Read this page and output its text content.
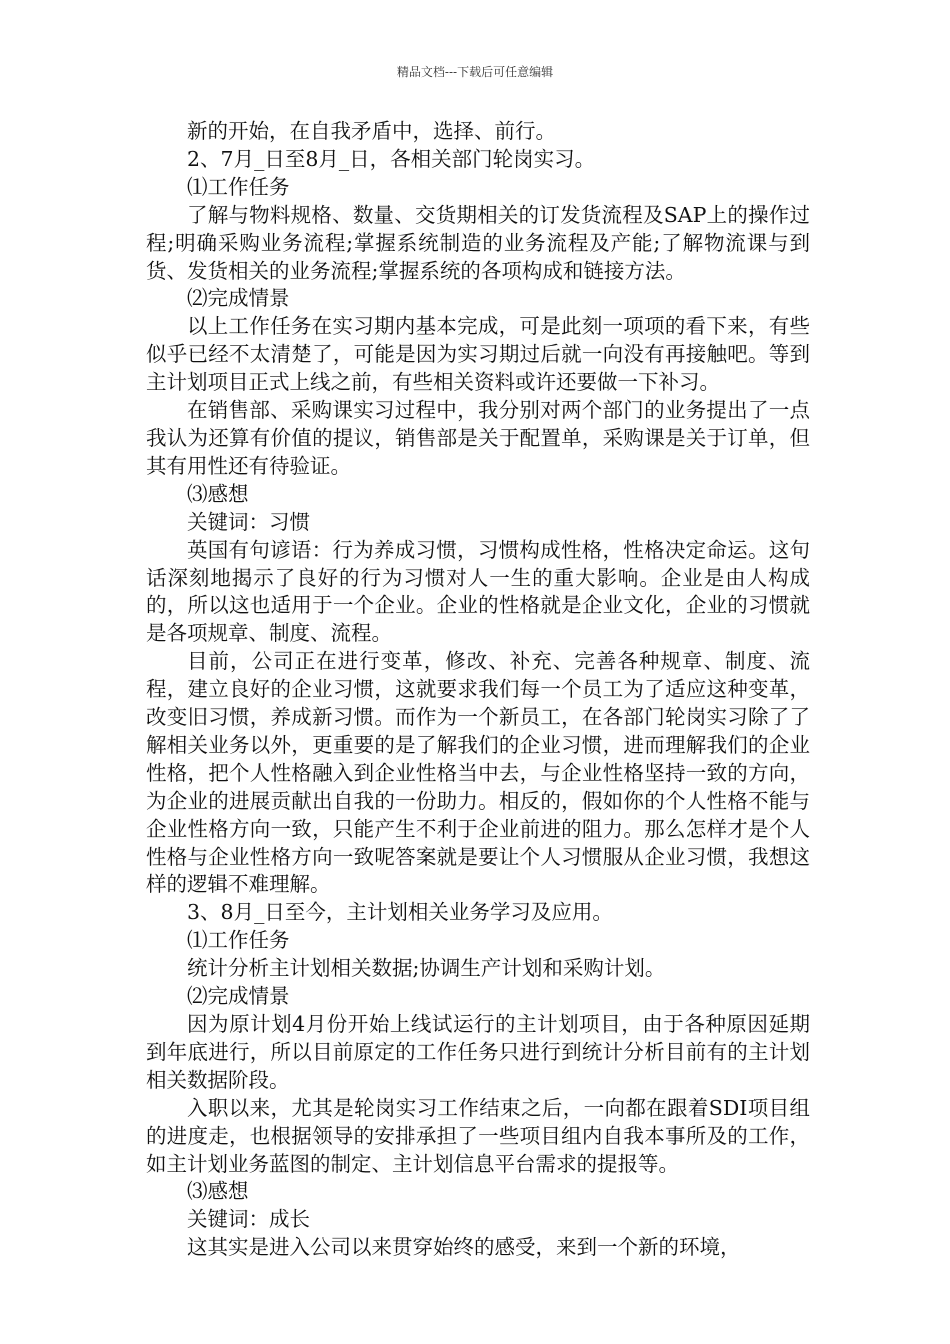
精品文档---下载后可任意编辑

新的开始，在自我矛盾中，选择、前行。

2、7月_日至8月_日，各相关部门轮岗实习。

⑴工作任务

了解与物料规格、数量、交货期相关的订发货流程及SAP上的操作过程;明确采购业务流程;掌握系统制造的业务流程及产能;了解物流课与到货、发货相关的业务流程;掌握系统的各项构成和链接方法。

⑵完成情景

以上工作任务在实习期内基本完成，可是此刻一项项的看下来，有些似乎已经不太清楚了，可能是因为实习期过后就一向没有再接触吧。等到主计划项目正式上线之前，有些相关资料或许还要做一下补习。

在销售部、采购课实习过程中，我分别对两个部门的业务提出了一点我认为还算有价值的提议，销售部是关于配置单，采购课是关于订单，但其有用性还有待验证。

⑶感想

关键词：习惯

英国有句谚语：行为养成习惯，习惯构成性格，性格决定命运。这句话深刻地揭示了良好的行为习惯对人一生的重大影响。企业是由人构成的，所以这也适用于一个企业。企业的性格就是企业文化，企业的习惯就是各项规章、制度、流程。

目前，公司正在进行变革，修改、补充、完善各种规章、制度、流程，建立良好的企业习惯，这就要求我们每一个员工为了适应这种变革，改变旧习惯，养成新习惯。而作为一个新员工，在各部门轮岗实习除了了解相关业务以外，更重要的是了解我们的企业习惯，进而理解我们的企业性格，把个人性格融入到企业性格当中去，与企业性格坚持一致的方向，为企业的进展贡献出自我的一份助力。相反的，假如你的个人性格不能与企业性格方向一致，只能产生不利于企业前进的阻力。那么怎样才是个人性格与企业性格方向一致呢答案就是要让个人习惯服从企业习惯，我想这样的逻辑不难理解。

3、8月_日至今，主计划相关业务学习及应用。

⑴工作任务

统计分析主计划相关数据;协调生产计划和采购计划。

⑵完成情景

因为原计划4月份开始上线试运行的主计划项目，由于各种原因延期到年底进行，所以目前原定的工作任务只进行到统计分析目前有的主计划相关数据阶段。

入职以来，尤其是轮岗实习工作结束之后，一向都在跟着SDI项目组的进度走，也根据领导的安排承担了一些项目组内自我本事所及的工作，如主计划业务蓝图的制定、主计划信息平台需求的提报等。

⑶感想

关键词：成长

这其实是进入公司以来贯穿始终的感受，来到一个新的环境，
